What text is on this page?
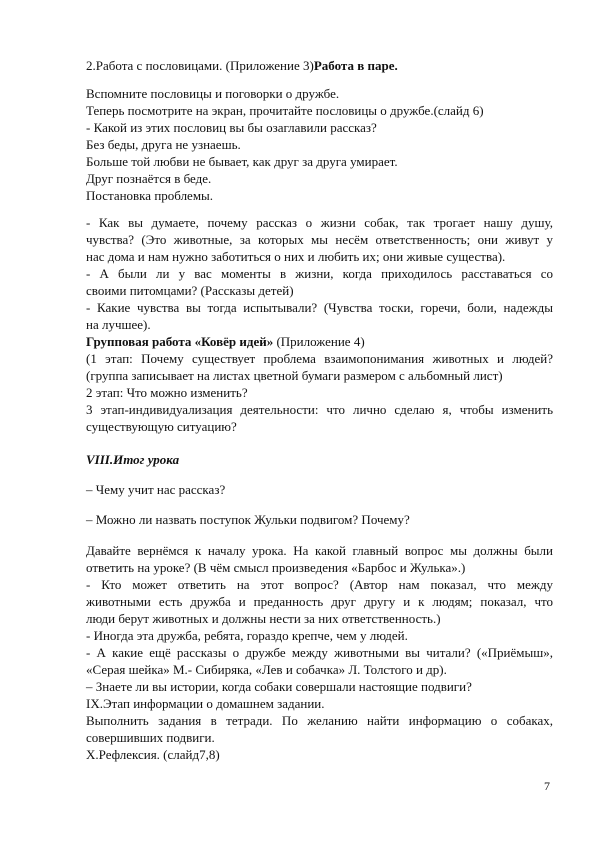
2.Работа с пословицами. (Приложение 3)Работа в паре.
Вспомните пословицы и поговорки о дружбе.
Теперь посмотрите на экран, прочитайте пословицы о дружбе.(слайд 6)
- Какой из этих пословиц вы бы озаглавили рассказ?
Без беды, друга не узнаешь.
Больше той любви не бывает, как друг за друга умирает.
Друг познаётся в беде.
Постановка проблемы.
- Как вы думаете, почему рассказ о жизни собак, так трогает нашу душу,
чувства? (Это животные, за которых мы несём ответственность; они живут у
нас дома и нам нужно заботиться о них и любить их; они живые существа).
- А были ли у вас моменты в жизни, когда приходилось расставаться со
своими питомцами? (Рассказы детей)
- Какие чувства вы тогда испытывали? (Чувства тоски, горечи, боли, надежды
на лучшее).
Групповая работа «Ковёр идей» (Приложение 4)
(1 этап: Почему существует проблема взаимопонимания животных и людей?
(группа записывает на листах цветной бумаги размером с альбомный лист)
2 этап: Что можно изменить?
3 этап-индивидуализация деятельности: что лично сделаю я, чтобы изменить
существующую ситуацию?
VIII.Итог урока
– Чему учит нас рассказ?
– Можно ли назвать поступок Жульки подвигом? Почему?
Давайте вернёмся к началу урока. На какой главный вопрос мы должны были
ответить на уроке? (В чём смысл произведения «Барбос и Жулька».)
- Кто может ответить на этот вопрос? (Автор нам показал, что между
животными есть дружба и преданность друг другу и к людям; показал, что
люди берут животных и должны нести за них ответственность.)
- Иногда эта дружба, ребята, гораздо крепче, чем у людей.
- А какие ещё рассказы о дружбе между животными вы читали? («Приёмыш»,
«Серая шейка» М.- Сибиряка, «Лев и собачка» Л. Толстого и др).
– Знаете ли вы истории, когда собаки совершали настоящие подвиги?
IX.Этап информации о домашнем задании.
Выполнить задания в тетради. По желанию найти информацию о собаках,
совершивших подвиги.
X.Рефлексия. (слайд7,8)
7
